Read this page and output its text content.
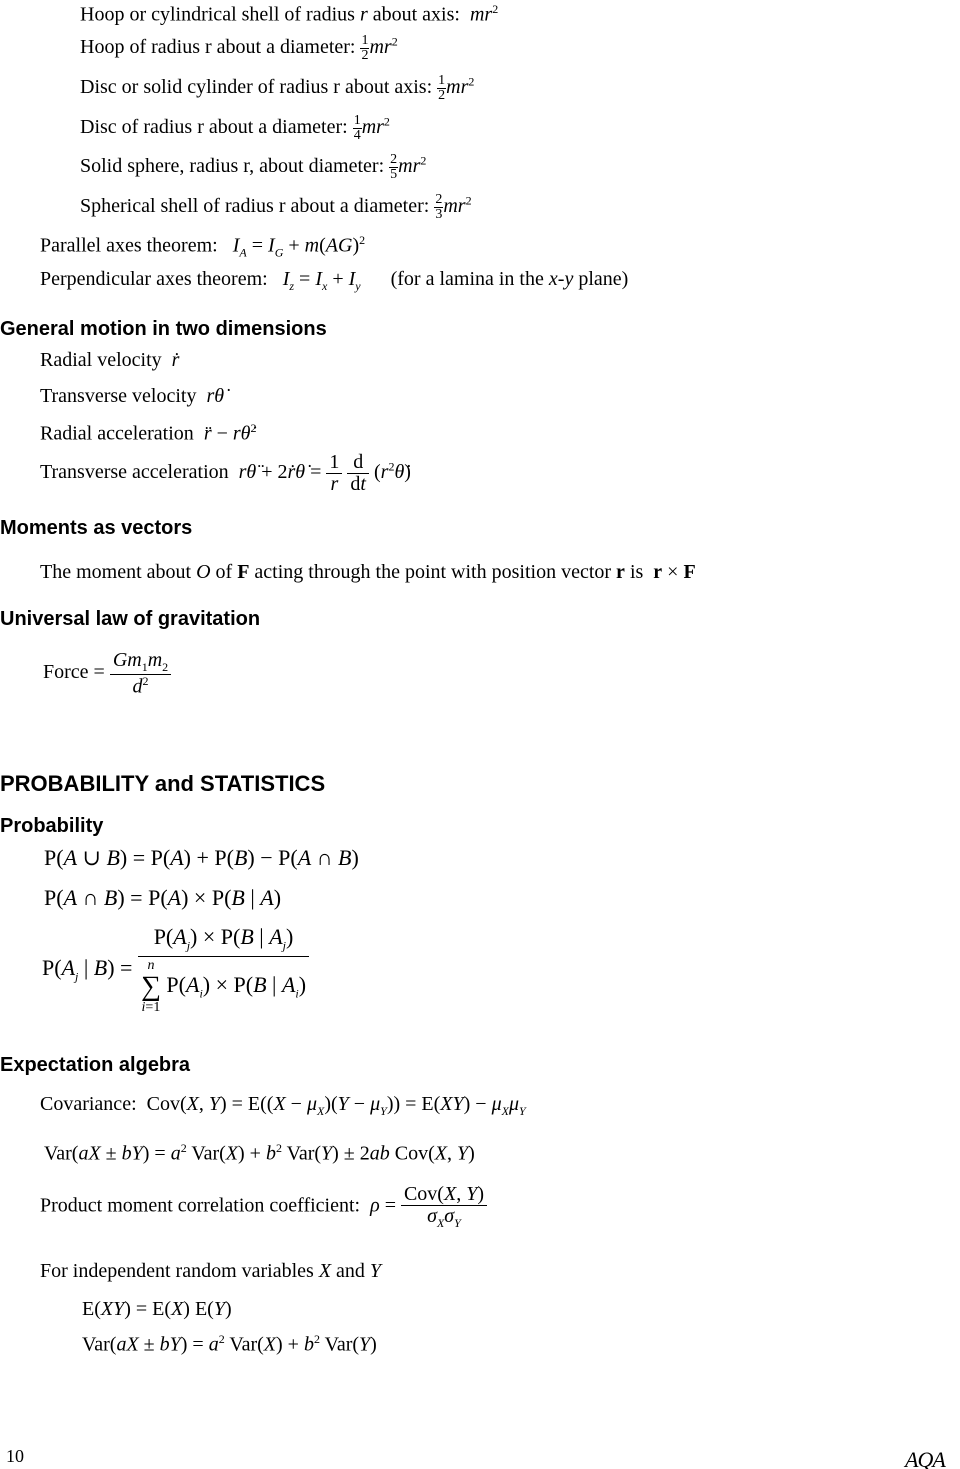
Hoop or cylindrical shell of radius r about axis: $mr^2$
Hoop of radius r about a diameter: $\frac{1}{2} mr^2$
Disc or solid cylinder of radius r about axis: $\frac{1}{2} mr^2$
Disc of radius r about a diameter: $\frac{1}{4} mr^2$
Solid sphere, radius r, about diameter: $\frac{2}{5} mr^2$
Spherical shell of radius r about a diameter: $\frac{2}{3} mr^2$
Parallel axes theorem: $I_A = I_G + m(AG)^2$
Perpendicular axes theorem: $I_z = I_x + I_y$ (for a lamina in the x-y plane)
General motion in two dimensions
Radial velocity ṙ
Transverse velocity rθ̇
Radial acceleration r̈ − rθ̇$^2$
Transverse acceleration rθ̈ + 2ṙθ̇ = $\frac{1}{r}$
$\frac{d}{dt}$ $(r^2\thetȧ)$
Moments as vectors
The moment about O of F acting through the point with position vector r is r × F
Universal law of gravitation
Force = $\frac{Gm_1m_2}{d^2}$
PROBABILITY and STATISTICS
Probability
P(A ∪ B) = P(A) + P(B) − P(A ∩ B)
P(A ∩ B) = P(A) × P(B | A)
$P(A_j$ | B) =
$P(A_j) \times P(B$ | $A_j$)
n
∑
i=1 $P(A_i) \times P(B$ | $A_i$)
Expectation algebra
Covariance:  Cov(X, $Y) = E((X - \mu_X)(Y - \mu_Y)) = E(XY) - \mu_X\mu_Y$
$Var(aX \pm bY) = a^2$ $Var(X) + b^2$ Var(Y) ± 2ab Cov(X, Y)
Product moment correlation coefficient: $\rho = \frac{\text{Cov(X, Y)}}{\sigma_X\sigma_Y}$
For independent random variables X and Y
E(XY) = E(X) E(Y)
$Var(aX \pm bY) = a^2$ $Var(X) + b^2$ Var(Y)
10	AQA
